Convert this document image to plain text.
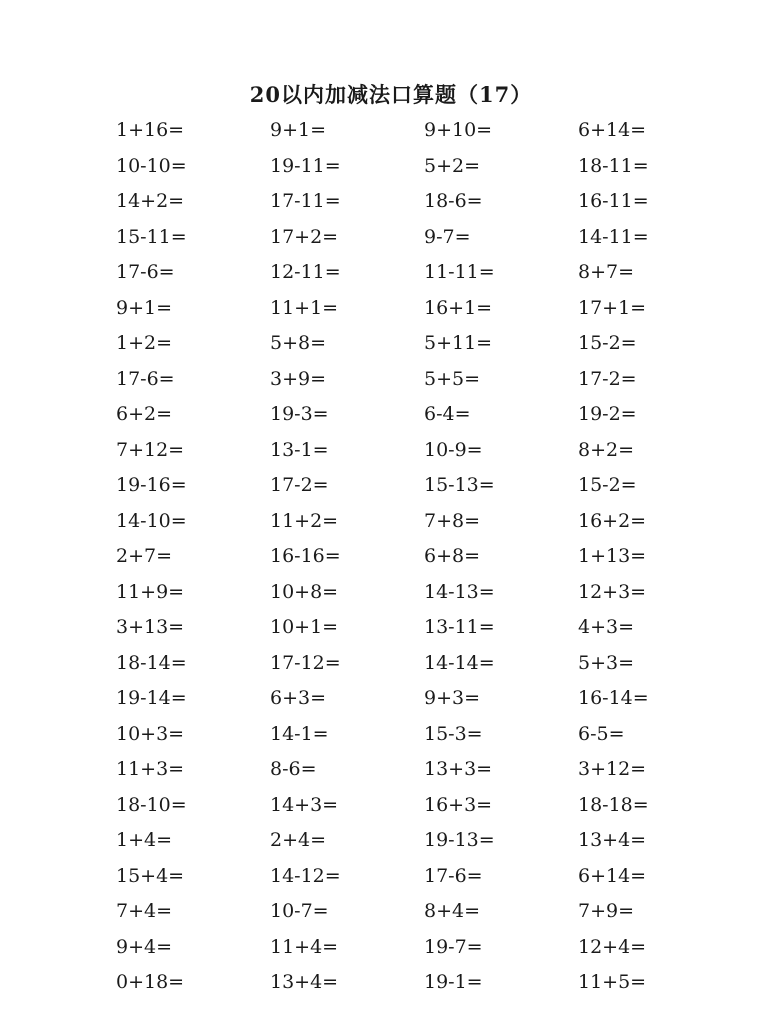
20以内加减法口算题（17）
1+16=	9+1=	9+10=	6+14=
10-10=	19-11=	5+2=	18-11=
14+2=	17-11=	18-6=	16-11=
15-11=	17+2=	9-7=	14-11=
17-6=	12-11=	11-11=	8+7=
9+1=	11+1=	16+1=	17+1=
1+2=	5+8=	5+11=	15-2=
17-6=	3+9=	5+5=	17-2=
6+2=	19-3=	6-4=	19-2=
7+12=	13-1=	10-9=	8+2=
19-16=	17-2=	15-13=	15-2=
14-10=	11+2=	7+8=	16+2=
2+7=	16-16=	6+8=	1+13=
11+9=	10+8=	14-13=	12+3=
3+13=	10+1=	13-11=	4+3=
18-14=	17-12=	14-14=	5+3=
19-14=	6+3=	9+3=	16-14=
10+3=	14-1=	15-3=	6-5=
11+3=	8-6=	13+3=	3+12=
18-10=	14+3=	16+3=	18-18=
1+4=	2+4=	19-13=	13+4=
15+4=	14-12=	17-6=	6+14=
7+4=	10-7=	8+4=	7+9=
9+4=	11+4=	19-7=	12+4=
0+18=	13+4=	19-1=	11+5=
